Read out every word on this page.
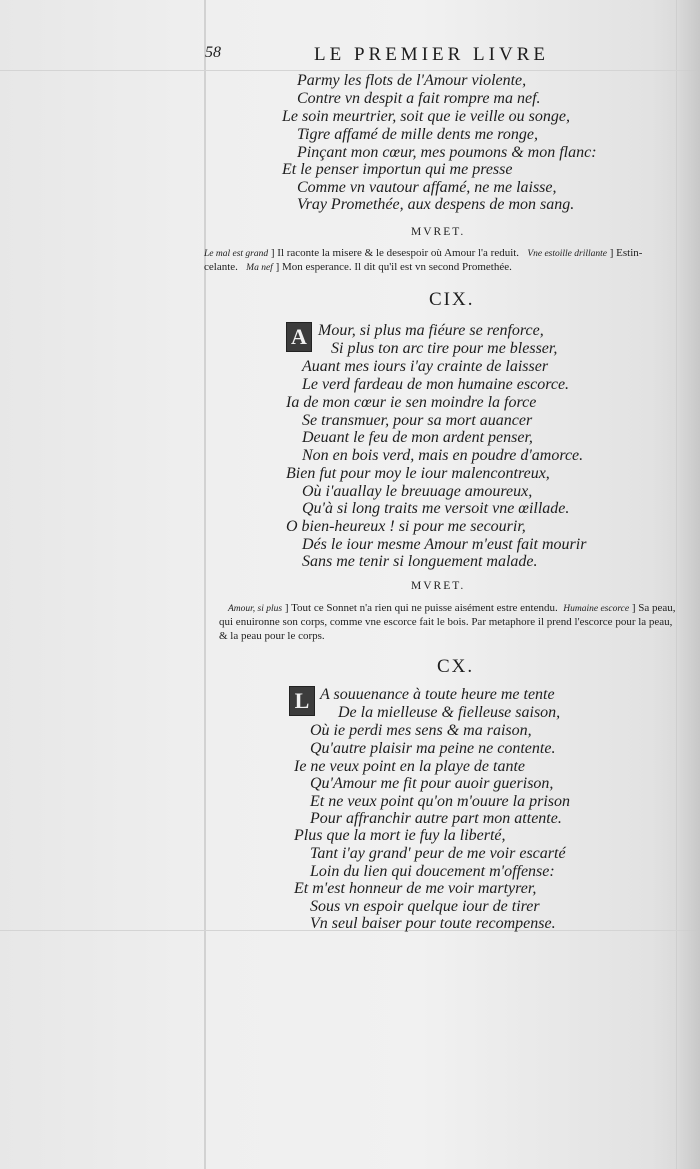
58	LE PREMIER LIVRE
Parmy les flots de l'Amour violente,
Contre vn despit a fait rompre ma nef.
Le soin meurtrier, soit que ie veille ou songe,
Tigre affamé de mille dents me ronge,
Pinçant mon cœur, mes poumons & mon flanc:
Et le penser importun qui me presse
Comme vn vautour affamé, ne me laisse,
Vray Promethée, aux despens de mon sang.
MVRET.
Le mal est grand ] Il raconte la misere & le desespoir où Amour l'a reduit. Vne estoille drillante ] Estin-
celante. Ma nef ] Mon esperance. Il dit qu'il est vn second Promethée.
CIX.
A Mour, si plus ma fiéure se renforce,
Si plus ton arc tire pour me blesser,
Auant mes iours i'ay crainte de laisser
Le verd fardeau de mon humaine escorce.
Ia de mon cœur ie sen moindre la force
Se transmuer, pour sa mort auancer
Deuant le feu de mon ardent penser,
Non en bois verd, mais en poudre d'amorce.
Bien fut pour moy le iour malencontreux,
Où i'auallay le breuuage amoureux,
Qu'à si long traits me versoit vne œillade.
O bien-heureux ! si pour me secourir,
Dés le iour mesme Amour m'eust fait mourir
Sans me tenir si longuement malade.
MVRET.
Amour, si plus ] Tout ce Sonnet n'a rien qui ne puisse aisément estre entendu. Humaine escorce ] Sa peau,
qui enuironne son corps, comme vne escorce fait le bois. Par metaphore il prend l'escorce pour la peau,
& la peau pour le corps.
CX.
L A souuenance à toute heure me tente
De la mielleuse & fielleuse saison,
Où ie perdi mes sens & ma raison,
Qu'autre plaisir ma peine ne contente.
Ie ne veux point en la playe de tante
Qu'Amour me fit pour auoir guerison,
Et ne veux point qu'on m'ouure la prison
Pour affranchir autre part mon attente.
Plus que la mort ie fuy la liberté,
Tant i'ay grand' peur de me voir escarté
Loin du lien qui doucement m'offense:
Et m'est honneur de me voir martyrer,
Sous vn espoir quelque iour de tirer
Vn seul baiser pour toute recompense.
